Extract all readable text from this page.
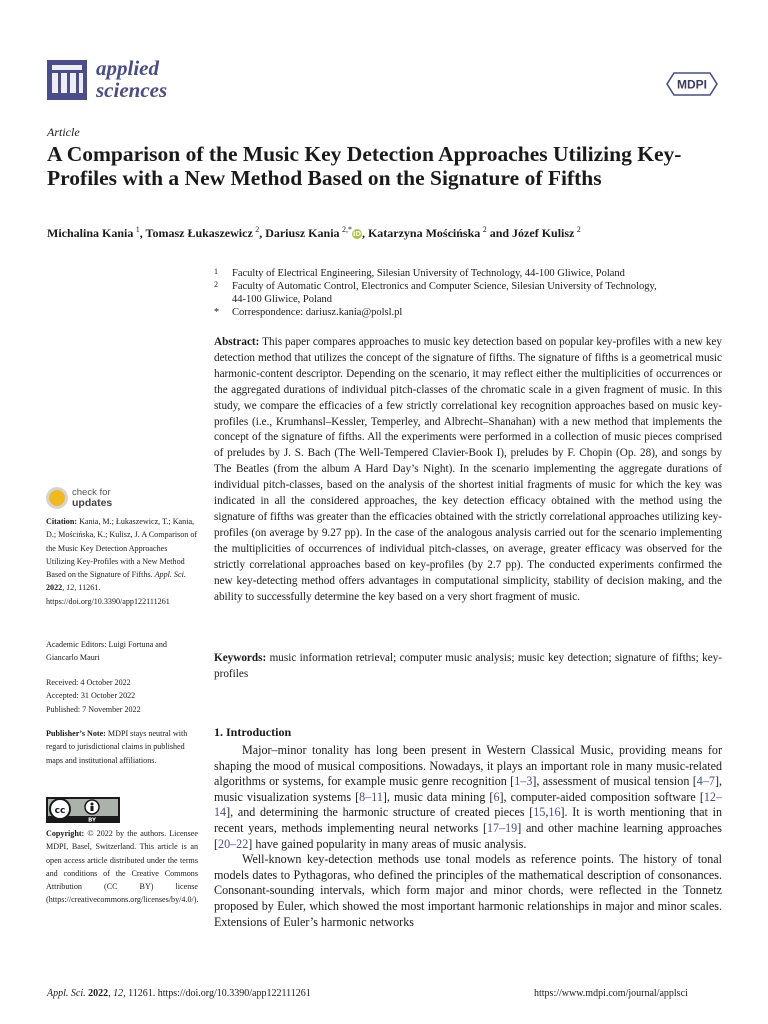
applied
sciences	MDPI
Article
A Comparison of the Music Key Detection Approaches Utilizing Key-Profiles with a New Method Based on the Signature of Fifths
Michalina Kania  $^1$, Tomasz Łukaszewicz  $^2$, Dariusz Kania  $^{2,*}$iD, Katarzyna Mościńska  $^2$ and Józef Kulisz  $^2$
1 Faculty of Electrical Engineering, Silesian University of Technology, 44-100 Gliwice, Poland
2 Faculty of Automatic Control, Electronics and Computer Science, Silesian University of Technology,
44-100 Gliwice, Poland
* Correspondence: dariusz.kania@polsl.pl

Abstract: This paper compares approaches to music key detection based on popular key-profiles with a new key detection method that utilizes the concept of the signature of fifths. The signature of fifths is a geometrical music harmonic-content descriptor. Depending on the scenario, it may reflect either the multiplicities of occurrences or the aggregated durations of individual pitch-classes of the chromatic scale in a given fragment of music. In this study, we compare the efficacies of a few strictly correlational key recognition approaches based on music key-profiles (i.e., Krumhansl–Kessler, Temperley, and Albrecht–Shanahan) with a new method that implements the concept of the signature of fifths. All the experiments were performed in a collection of music pieces comprised of preludes by J. S. Bach (The Well-Tempered Clavier-Book I), preludes by F. Chopin (Op. 28), and songs by The Beatles (from the album A Hard Day’s Night). In the scenario implementing the aggregate durations of individual pitch-classes, based on the analysis of the shortest initial fragments of music for which the key was indicated in all the considered approaches, the key detection efficacy obtained with the method using the signature of fifths was greater than the efficacies obtained with the strictly correlational approaches utilizing key-profiles (on average by 9.27 pp). In the case of the analogous analysis carried out for the scenario implementing the multiplicities of occurrences of individual pitch-classes, on average, greater efficacy was observed for the strictly correlational approaches based on key-profiles (by 2.7 pp). The conducted experiments confirmed the new key-detecting method offers advantages in computational simplicity, stability of decision making, and the ability to successfully determine the key based on a very short fragment of music.

Keywords: music information retrieval; computer music analysis; music key detection; signature of fifths; key-profiles

check for
updates

Citation: Kania, M.; Łukaszewicz, T.; Kania, D.; Mościńska, K.; Kulisz, J. A Comparison of the Music Key Detection Approaches Utilizing Key-Profiles with a New Method Based on the Signature of Fifths. Appl. Sci. 2022, 12, 11261. https://doi.org/10.3390/app122111261

Academic Editors: Luigi Fortuna and Giancarlo Mauri

Received: 4 October 2022
Accepted: 31 October 2022
Published: 7 November 2022

Publisher’s Note: MDPI stays neutral with regard to jurisdictional claims in published maps and institutional affiliations.

cc
BY

Copyright: © 2022 by the authors. Licensee MDPI, Basel, Switzerland. This article is an open access article distributed under the terms and conditions of the Creative Commons Attribution (CC BY) license (https://creativecommons.org/licenses/by/4.0/).

1. Introduction

Major–minor tonality has long been present in Western Classical Music, providing means for shaping the mood of musical compositions. Nowadays, it plays an important role in many music-related algorithms or systems, for example music genre recognition [1–3], assessment of musical tension [4–7], music visualization systems [8–11], music data mining [6], computer-aided composition software [12–14], and determining the harmonic structure of created pieces [15,16]. It is worth mentioning that in recent years, methods implementing neural networks [17–19] and other machine learning approaches [20–22] have gained popularity in many areas of music analysis.

Well-known key-detection methods use tonal models as reference points. The history of tonal models dates to Pythagoras, who defined the principles of the mathematical description of consonances. Consonant-sounding intervals, which form major and minor chords, were reflected in the Tonnetz proposed by Euler, which showed the most important harmonic relationships in major and minor scales. Extensions of Euler’s harmonic networks

Appl. Sci. 2022, 12, 11261. https://doi.org/10.3390/app122111261	https://www.mdpi.com/journal/applsci
